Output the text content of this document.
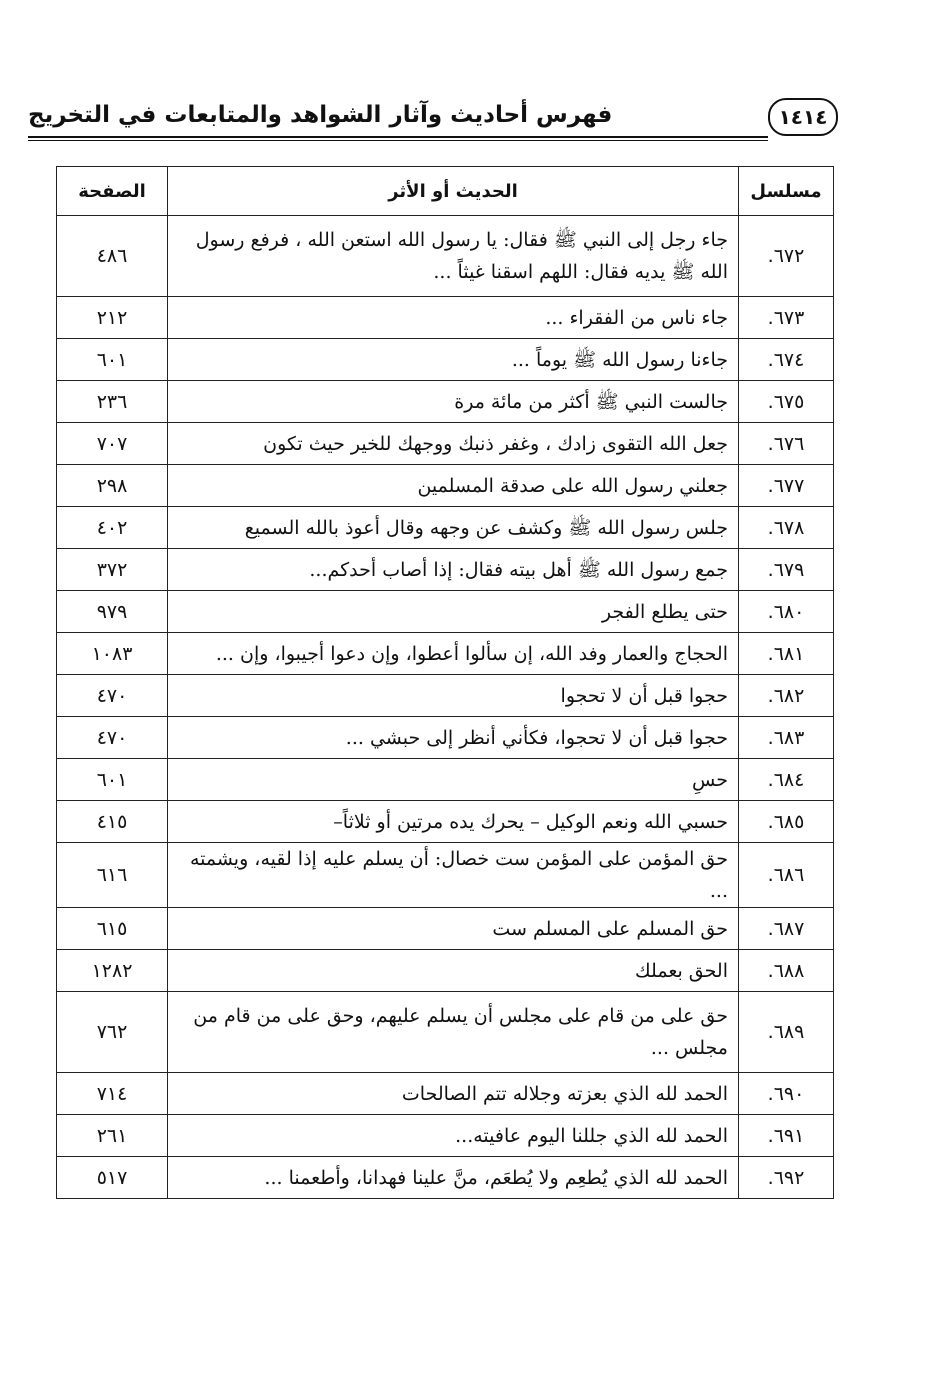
فهرس أحاديث وآثار الشواهد والمتابعات في التخريج	١٤١٤
مسلسل	الحديث أو الأثر	الصفحة
٦٧٢.	جاء رجل إلى النبي ﷺ فقال: يا رسول الله استعن الله ، فرفع رسول الله ﷺ يديه فقال: اللهم اسقنا غيثاً ...	٤٨٦
٦٧٣.	جاء ناس من الفقراء ...	٢١٢
٦٧٤.	جاءنا رسول الله ﷺ يوماً ...	٦٠١
٦٧٥.	جالست النبي ﷺ أكثر من مائة مرة	٢٣٦
٦٧٦.	جعل الله التقوى زادك ، وغفر ذنبك ووجهك للخير حيث تكون	٧٠٧
٦٧٧.	جعلني رسول الله على صدقة المسلمين	٢٩٨
٦٧٨.	جلس رسول الله ﷺ وكشف عن وجهه وقال أعوذ بالله السميع	٤٠٢
٦٧٩.	جمع رسول الله ﷺ أهل بيته فقال: إذا أصاب أحدكم...	٣٧٢
٦٨٠.	حتى يطلع الفجر	٩٧٩
٦٨١.	الحجاج والعمار وفد الله، إن سألوا أعطوا، وإن دعوا أجيبوا، وإن ...	١٠٨٣
٦٨٢.	حجوا قبل أن لا تحجوا	٤٧٠
٦٨٣.	حجوا قبل أن لا تحجوا، فكأني أنظر إلى حبشي ...	٤٧٠
٦٨٤.	حسِ	٦٠١
٦٨٥.	حسبي الله ونعم الوكيل – يحرك يده مرتين أو ثلاثاً–	٤١٥
٦٨٦.	حق المؤمن على المؤمن ست خصال: أن يسلم عليه إذا لقيه، ويشمته ...	٦١٦
٦٨٧.	حق المسلم على المسلم ست	٦١٥
٦٨٨.	الحق بعملك	١٢٨٢
٦٨٩.	حق على من قام على مجلس أن يسلم عليهم، وحق على من قام من مجلس ...	٧٦٢
٦٩٠.	الحمد لله الذي بعزته وجلاله تتم الصالحات	٧١٤
٦٩١.	الحمد لله الذي جللنا اليوم عافيته...	٢٦١
٦٩٢.	الحمد لله الذي يُطعِم ولا يُطعَم، منَّ علينا فهدانا، وأطعمنا ...	٥١٧
